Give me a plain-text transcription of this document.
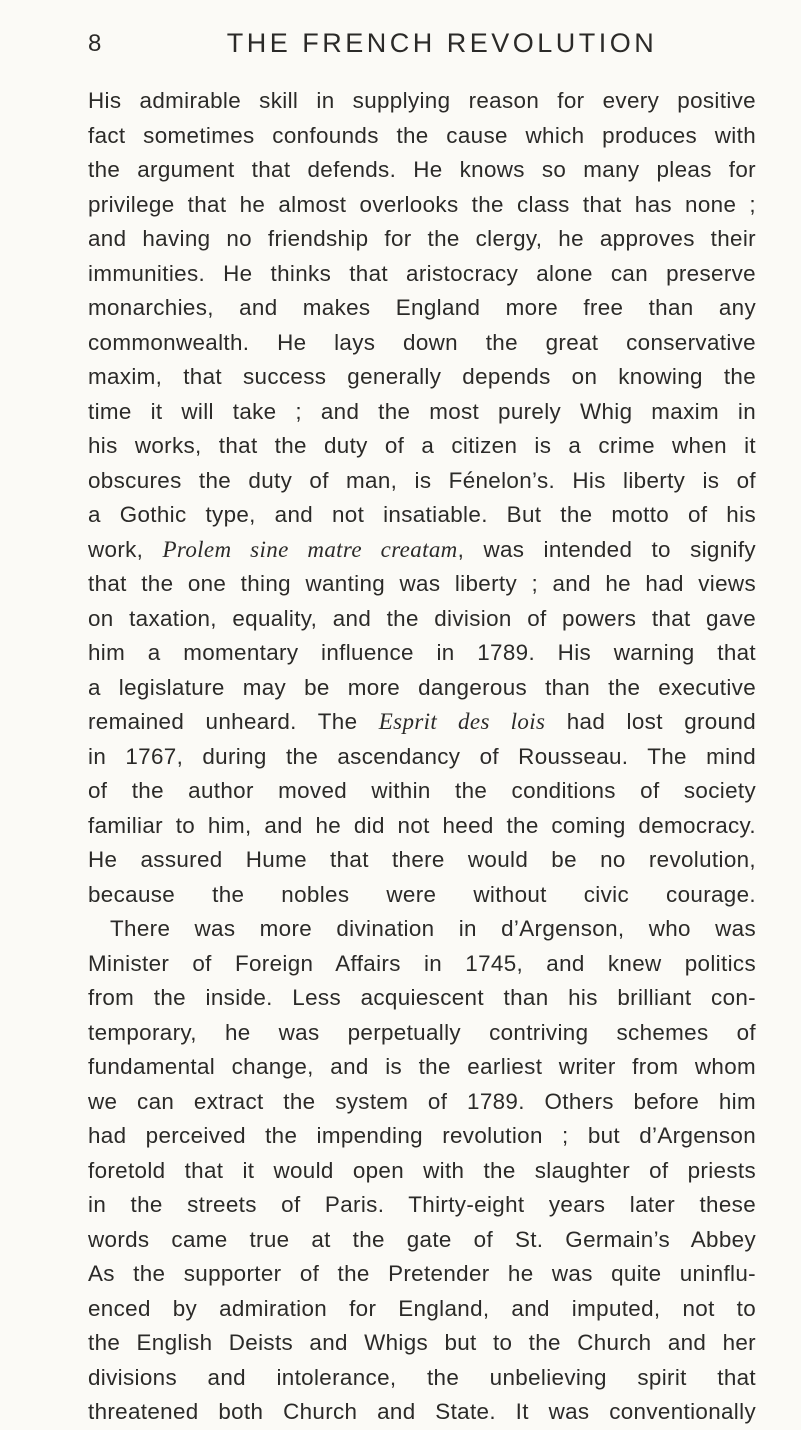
8	THE FRENCH REVOLUTION
His admirable skill in supplying reason for every positive
fact sometimes confounds the cause which produces with
the argument that defends. He knows so many pleas for
privilege that he almost overlooks the class that has none ;
and having no friendship for the clergy, he approves their
immunities. He thinks that aristocracy alone can preserve
monarchies, and makes England more free than any
commonwealth. He lays down the great conservative
maxim, that success generally depends on knowing the
time it will take ; and the most purely Whig maxim in
his works, that the duty of a citizen is a crime when it
obscures the duty of man, is Fénelon’s. His liberty is of
a Gothic type, and not insatiable. But the motto of his
work, Prolem sine matre creatam, was intended to signify
that the one thing wanting was liberty ; and he had views
on taxation, equality, and the division of powers that gave
him a momentary influence in 1789. His warning that
a legislature may be more dangerous than the executive
remained unheard. The Esprit des lois had lost ground
in 1767, during the ascendancy of Rousseau. The mind
of the author moved within the conditions of society
familiar to him, and he did not heed the coming democracy.
He assured Hume that there would be no revolution,
because the nobles were without civic courage.
There was more divination in d’Argenson, who was
Minister of Foreign Affairs in 1745, and knew politics
from the inside. Less acquiescent than his brilliant con-
temporary, he was perpetually contriving schemes of
fundamental change, and is the earliest writer from whom
we can extract the system of 1789. Others before him
had perceived the impending revolution ; but d’Argenson
foretold that it would open with the slaughter of priests
in the streets of Paris. Thirty-eight years later these
words came true at the gate of St. Germain’s Abbey
As the supporter of the Pretender he was quite uninflu-
enced by admiration for England, and imputed, not to
the English Deists and Whigs but to the Church and her
divisions and intolerance, the unbelieving spirit that
threatened both Church and State. It was conventionally
